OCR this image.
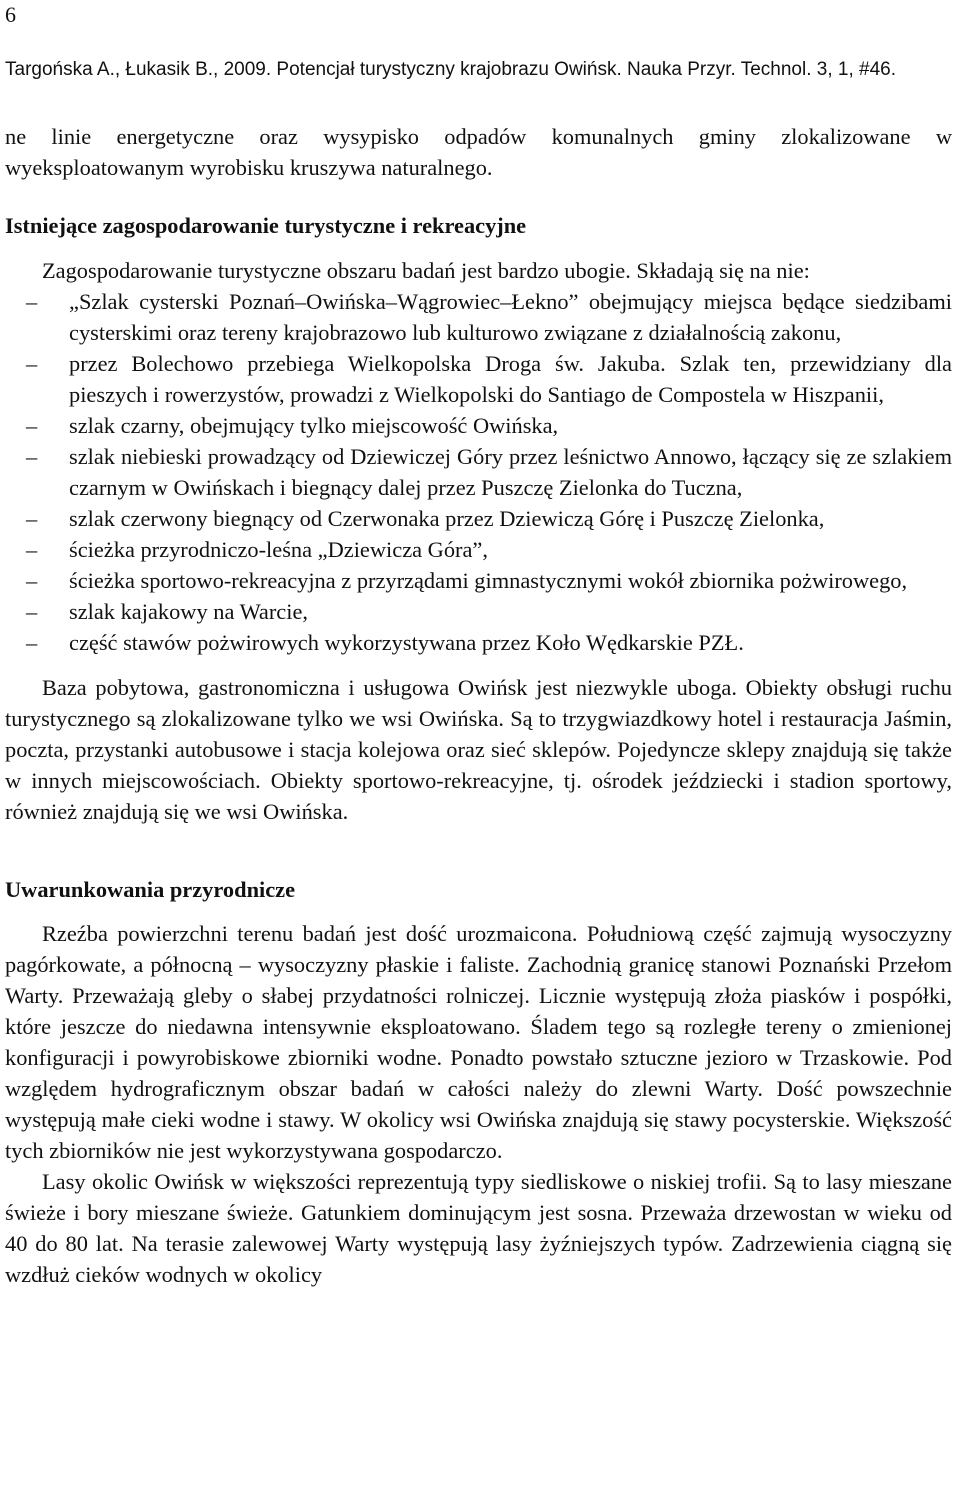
6
Targońska A., Łukasik B., 2009. Potencjał turystyczny krajobrazu Owińsk. Nauka Przyr. Technol. 3, 1, #46.

ne linie energetyczne oraz wysypisko odpadów komunalnych gminy zlokalizowane w wyeksploatowanym wyrobisku kruszywa naturalnego.

Istniejące zagospodarowanie turystyczne i rekreacyjne

Zagospodarowanie turystyczne obszaru badań jest bardzo ubogie. Składają się na nie:

– „Szlak cysterski Poznań–Owińska–Wągrowiec–Łekno” obejmujący miejsca będące siedzibami cysterskimi oraz tereny krajobrazowo lub kulturowo związane z działalnością zakonu,
– przez Bolechowo przebiega Wielkopolska Droga św. Jakuba. Szlak ten, przewidziany dla pieszych i rowerzystów, prowadzi z Wielkopolski do Santiago de Compostela w Hiszpanii,
– szlak czarny, obejmujący tylko miejscowość Owińska,
– szlak niebieski prowadzący od Dziewiczej Góry przez leśnictwo Annowo, łączący się ze szlakiem czarnym w Owińskach i biegnący dalej przez Puszczę Zielonka do Tuczna,
– szlak czerwony biegnący od Czerwonaka przez Dziewiczą Górę i Puszczę Zielonka,
– ścieżka przyrodniczo-leśna „Dziewicza Góra”,
– ścieżka sportowo-rekreacyjna z przyrządami gimnastycznymi wokół zbiornika pożwirowego,
– szlak kajakowy na Warcie,
– część stawów pożwirowych wykorzystywana przez Koło Wędkarskie PZŁ.

Baza pobytowa, gastronomiczna i usługowa Owińsk jest niezwykle uboga. Obiekty obsługi ruchu turystycznego są zlokalizowane tylko we wsi Owińska. Są to trzygwiazdkowy hotel i restauracja Jaśmin, poczta, przystanki autobusowe i stacja kolejowa oraz sieć sklepów. Pojedyncze sklepy znajdują się także w innych miejscowościach. Obiekty sportowo-rekreacyjne, tj. ośrodek jeździecki i stadion sportowy, również znajdują się we wsi Owińska.

Uwarunkowania przyrodnicze

Rzeźba powierzchni terenu badań jest dość urozmaicona. Południową część zajmują wysoczyzny pagórkowate, a północną – wysoczyzny płaskie i faliste. Zachodnią granicę stanowi Poznański Przełom Warty. Przeważają gleby o słabej przydatności rolniczej. Licznie występują złoża piasków i pospółki, które jeszcze do niedawna intensywnie eksploatowano. Śladem tego są rozległe tereny o zmienionej konfiguracji i powyrobiskowe zbiorniki wodne. Ponadto powstało sztuczne jezioro w Trzaskowie. Pod względem hydrograficznym obszar badań w całości należy do zlewni Warty. Dość powszechnie występują małe cieki wodne i stawy. W okolicy wsi Owińska znajdują się stawy pocysterskie. Większość tych zbiorników nie jest wykorzystywana gospodarczo.

Lasy okolic Owińsk w większości reprezentują typy siedliskowe o niskiej trofii. Są to lasy mieszane świeże i bory mieszane świeże. Gatunkiem dominującym jest sosna. Przeważa drzewostan w wieku od 40 do 80 lat. Na terasie zalewowej Warty występują lasy żyźniejszych typów. Zadrzewienia ciągną się wzdłuż cieków wodnych w okolicy
